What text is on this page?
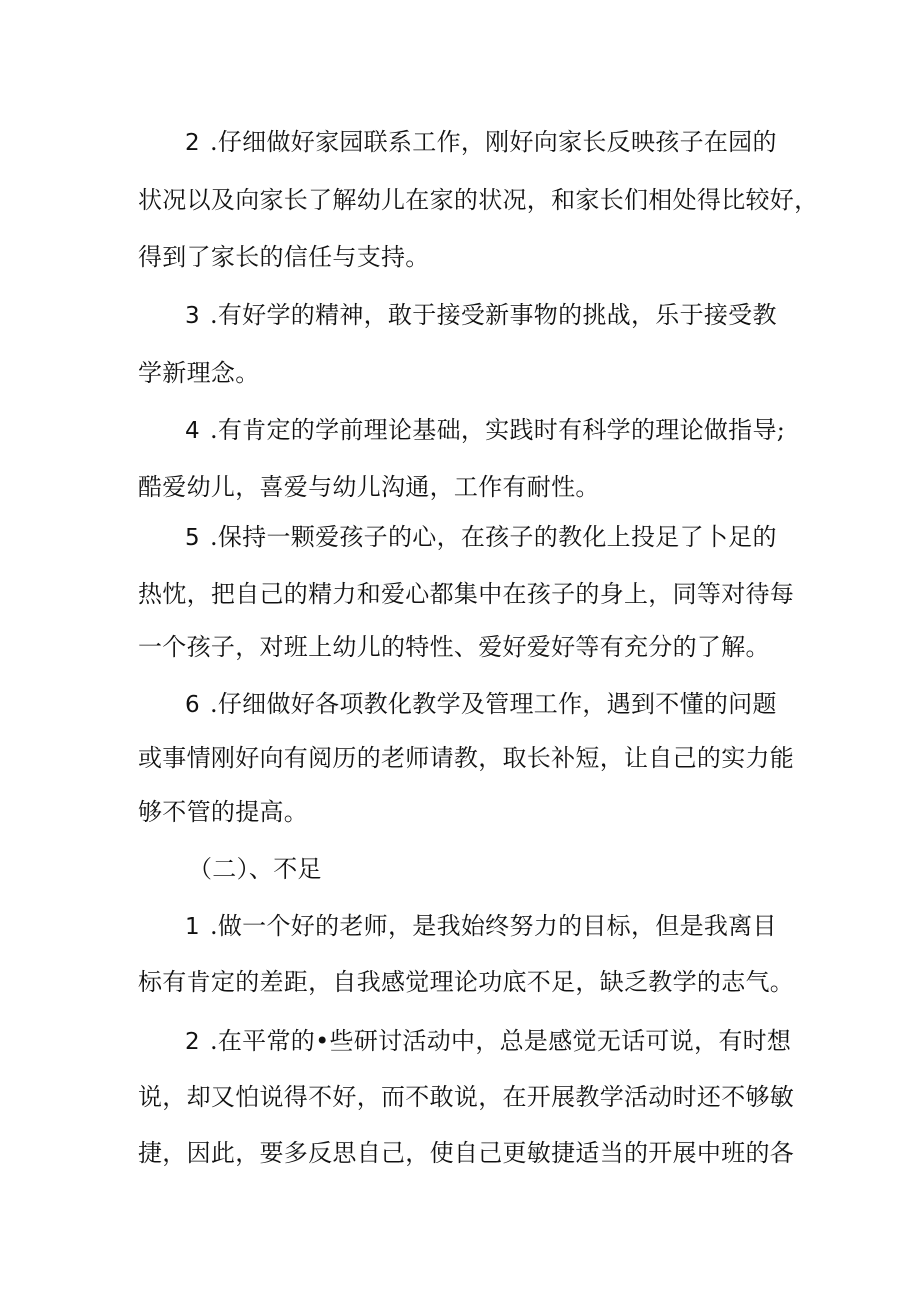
2 .仔细做好家园联系工作，刚好向家长反映孩子在园的
状况以及向家长了解幼儿在家的状况，和家长们相处得比较好，
得到了家长的信任与支持。
3 .有好学的精神，敢于接受新事物的挑战，乐于接受教
学新理念。
4 .有肯定的学前理论基础，实践时有科学的理论做指导;
酷爱幼儿，喜爱与幼儿沟通，工作有耐性。
5 .保持一颗爱孩子的心，在孩子的教化上投足了卜足的
热忱，把自己的精力和爱心都集中在孩子的身上，同等对待每
一个孩子，对班上幼儿的特性、爱好爱好等有充分的了解。
6 .仔细做好各项教化教学及管理工作，遇到不懂的问题
或事情刚好向有阅历的老师请教，取长补短，让自己的实力能
够不管的提高。
（二）、不足
1 .做一个好的老师，是我始终努力的目标，但是我离目
标有肯定的差距，自我感觉理论功底不足，缺乏教学的志气。
2 .在平常的•些研讨活动中，总是感觉无话可说，有时想
说，却又怕说得不好，而不敢说，在开展教学活动时还不够敏
捷，因此，要多反思自己，使自己更敏捷适当的开展中班的各
